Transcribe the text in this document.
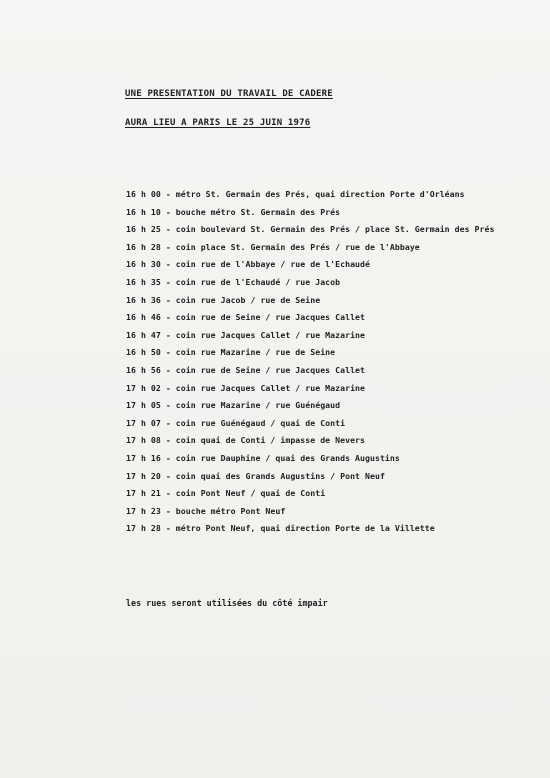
UNE PRESENTATION DU TRAVAIL DE CADERE
AURA LIEU A PARIS LE 25 JUIN 1976
16 h 00 - métro St. Germain des Prés, quai direction Porte d'Orléans
16 h 10 - bouche métro St. Germain des Prés
16 h 25 - coin boulevard St. Germain des Prés / place St. Germain des Prés
16 h 28 - coin place St. Germain des Prés / rue de l'Abbaye
16 h 30 - coin rue de l'Abbaye / rue de l'Echaudé
16 h 35 - coin rue de l'Echaudé / rue Jacob
16 h 36 - coin rue Jacob / rue de Seine
16 h 46 - coin rue de Seine / rue Jacques Callet
16 h 47 - coin rue Jacques Callet / rue Mazarine
16 h 50 - coin rue Mazarine / rue de Seine
16 h 56 - coin rue de Seine / rue Jacques Callet
17 h 02 - coin rue Jacques Callet / rue Mazarine
17 h 05 - coin rue Mazarine / rue Guénégaud
17 h 07 - coin rue Guénégaud / quai de Conti
17 h 08 - coin quai de Conti / impasse de Nevers
17 h 16 - coin rue Dauphine / quai des Grands Augustins
17 h 20 - coin quai des Grands Augustins / Pont Neuf
17 h 21 - coin Pont Neuf / quai de Conti
17 h 23 - bouche métro Pont Neuf
17 h 28 - métro Pont Neuf, quai direction Porte de la Villette
les rues seront utilisées du côté impair
